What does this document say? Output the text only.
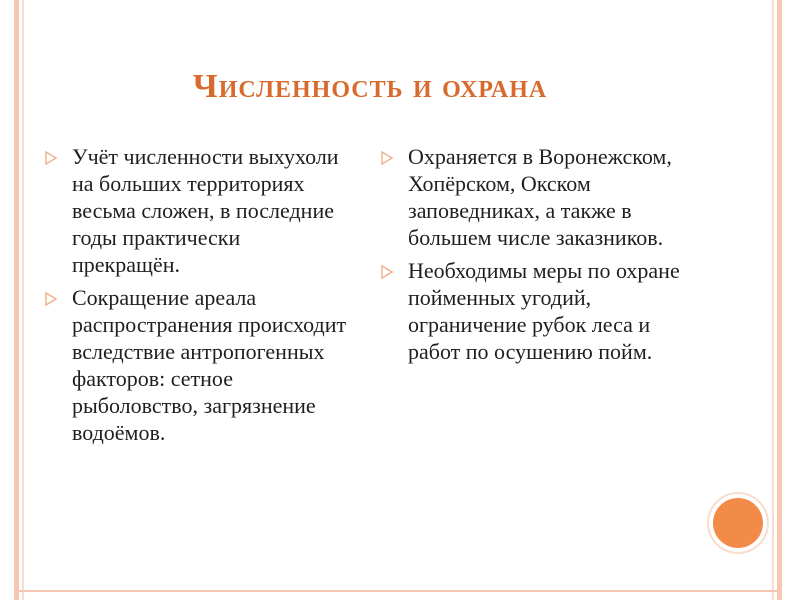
Численность и охрана
Учёт численности выхухоли на больших территориях весьма сложен, в последние годы практически прекращён.
Сокращение ареала распространения происходит вследствие антропогенных факторов: сетное рыболовство, загрязнение водоёмов.
Охраняется в Воронежском, Хопёрском, Окском заповедниках, а также в большем числе заказников.
Необходимы меры по охране пойменных угодий, ограничение рубок леса и работ по осушению пойм.
